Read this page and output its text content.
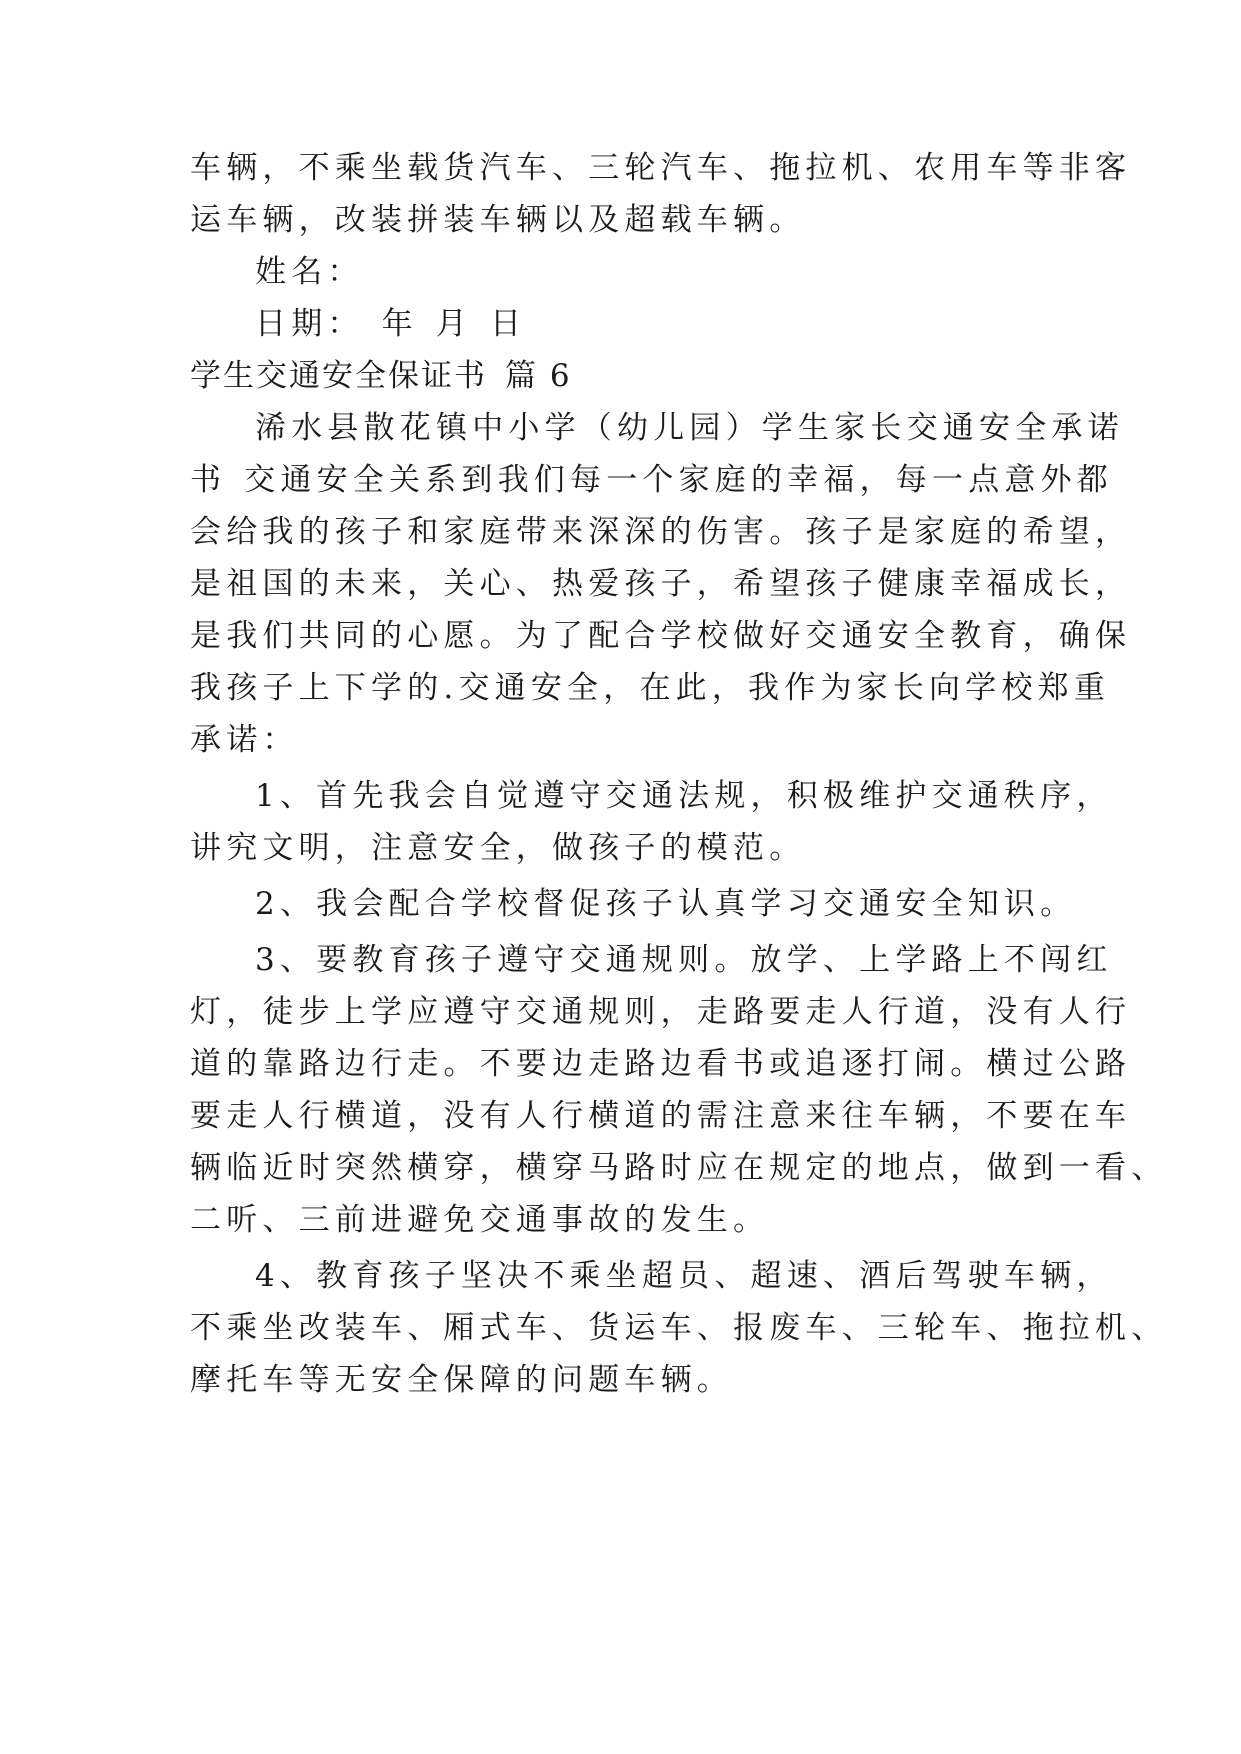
车辆，不乘坐载货汽车、三轮汽车、拖拉机、农用车等非客
运车辆，改装拼装车辆以及超载车辆。
姓名：
日期： 年 月 日
学生交通安全保证书 篇 6
浠水县散花镇中小学（幼儿园）学生家长交通安全承诺
书 交通安全关系到我们每一个家庭的幸福，每一点意外都
会给我的孩子和家庭带来深深的伤害。孩子是家庭的希望，
是祖国的未来，关心、热爱孩子，希望孩子健康幸福成长，
是我们共同的心愿。为了配合学校做好交通安全教育，确保
我孩子上下学的.交通安全，在此，我作为家长向学校郑重
承诺：
1、首先我会自觉遵守交通法规，积极维护交通秩序，
讲究文明，注意安全，做孩子的模范。
2、我会配合学校督促孩子认真学习交通安全知识。
3、要教育孩子遵守交通规则。放学、上学路上不闯红
灯，徒步上学应遵守交通规则，走路要走人行道，没有人行
道的靠路边行走。不要边走路边看书或追逐打闹。横过公路
要走人行横道，没有人行横道的需注意来往车辆，不要在车
辆临近时突然横穿，横穿马路时应在规定的地点，做到一看、
二听、三前进避免交通事故的发生。
4、教育孩子坚决不乘坐超员、超速、酒后驾驶车辆，
不乘坐改装车、厢式车、货运车、报废车、三轮车、拖拉机、
摩托车等无安全保障的问题车辆。
